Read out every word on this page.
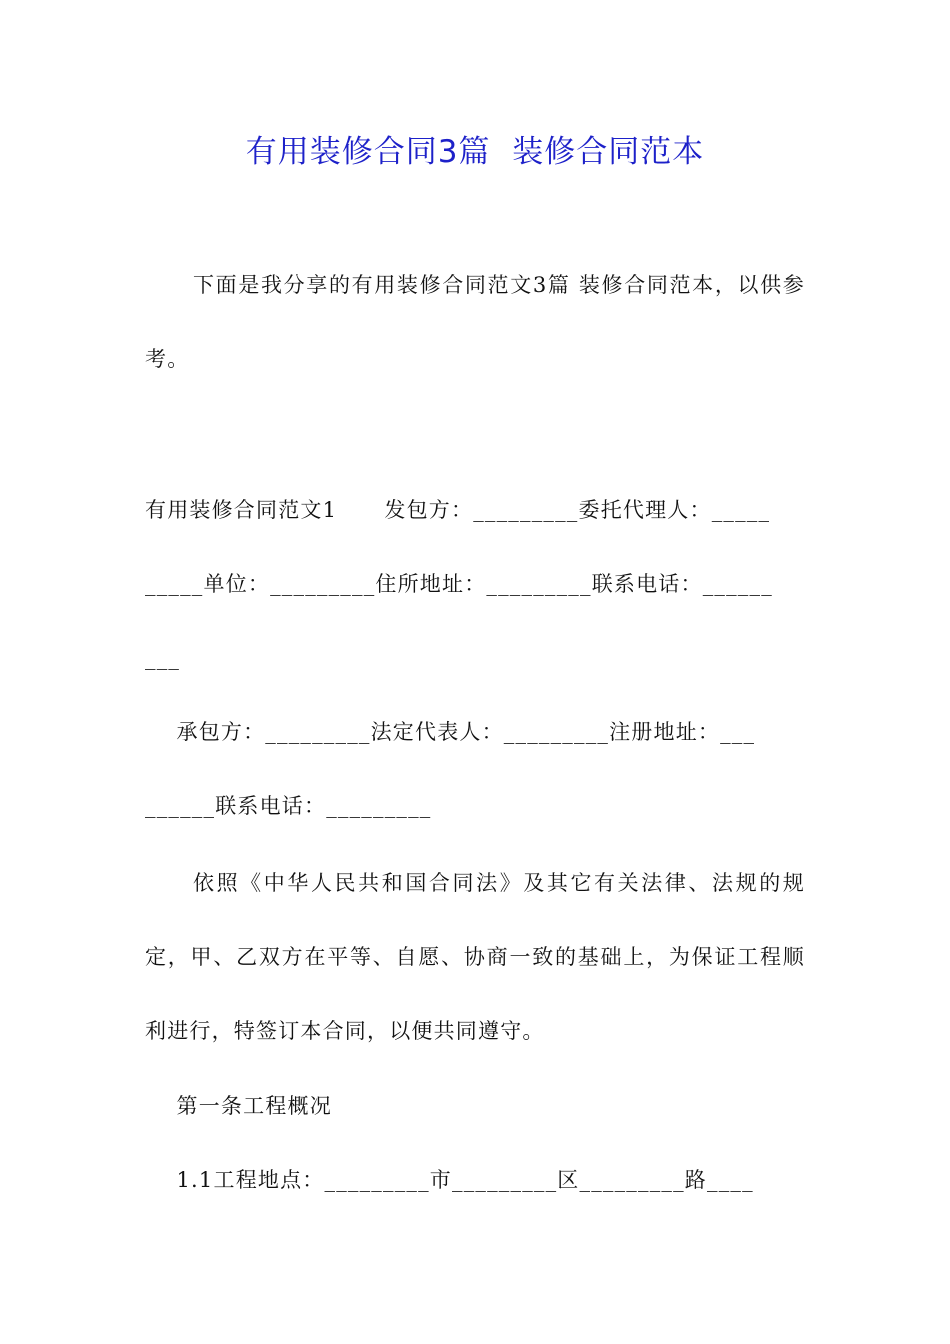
有用装修合同3篇  装修合同范本
下面是我分享的有用装修合同范文3篇 装修合同范本，以供参考。
有用装修合同范文1      发包方：_________委托代理人：_____
_____单位：_________住所地址：_________联系电话：______
___
承包方：_________法定代表人：_________注册地址：___
______联系电话：_________
依照《中华人民共和国合同法》及其它有关法律、法规的规定，甲、乙双方在平等、自愿、协商一致的基础上，为保证工程顺利进行，特签订本合同，以便共同遵守。
第一条工程概况
1.1工程地点：_________市_________区_________路____
